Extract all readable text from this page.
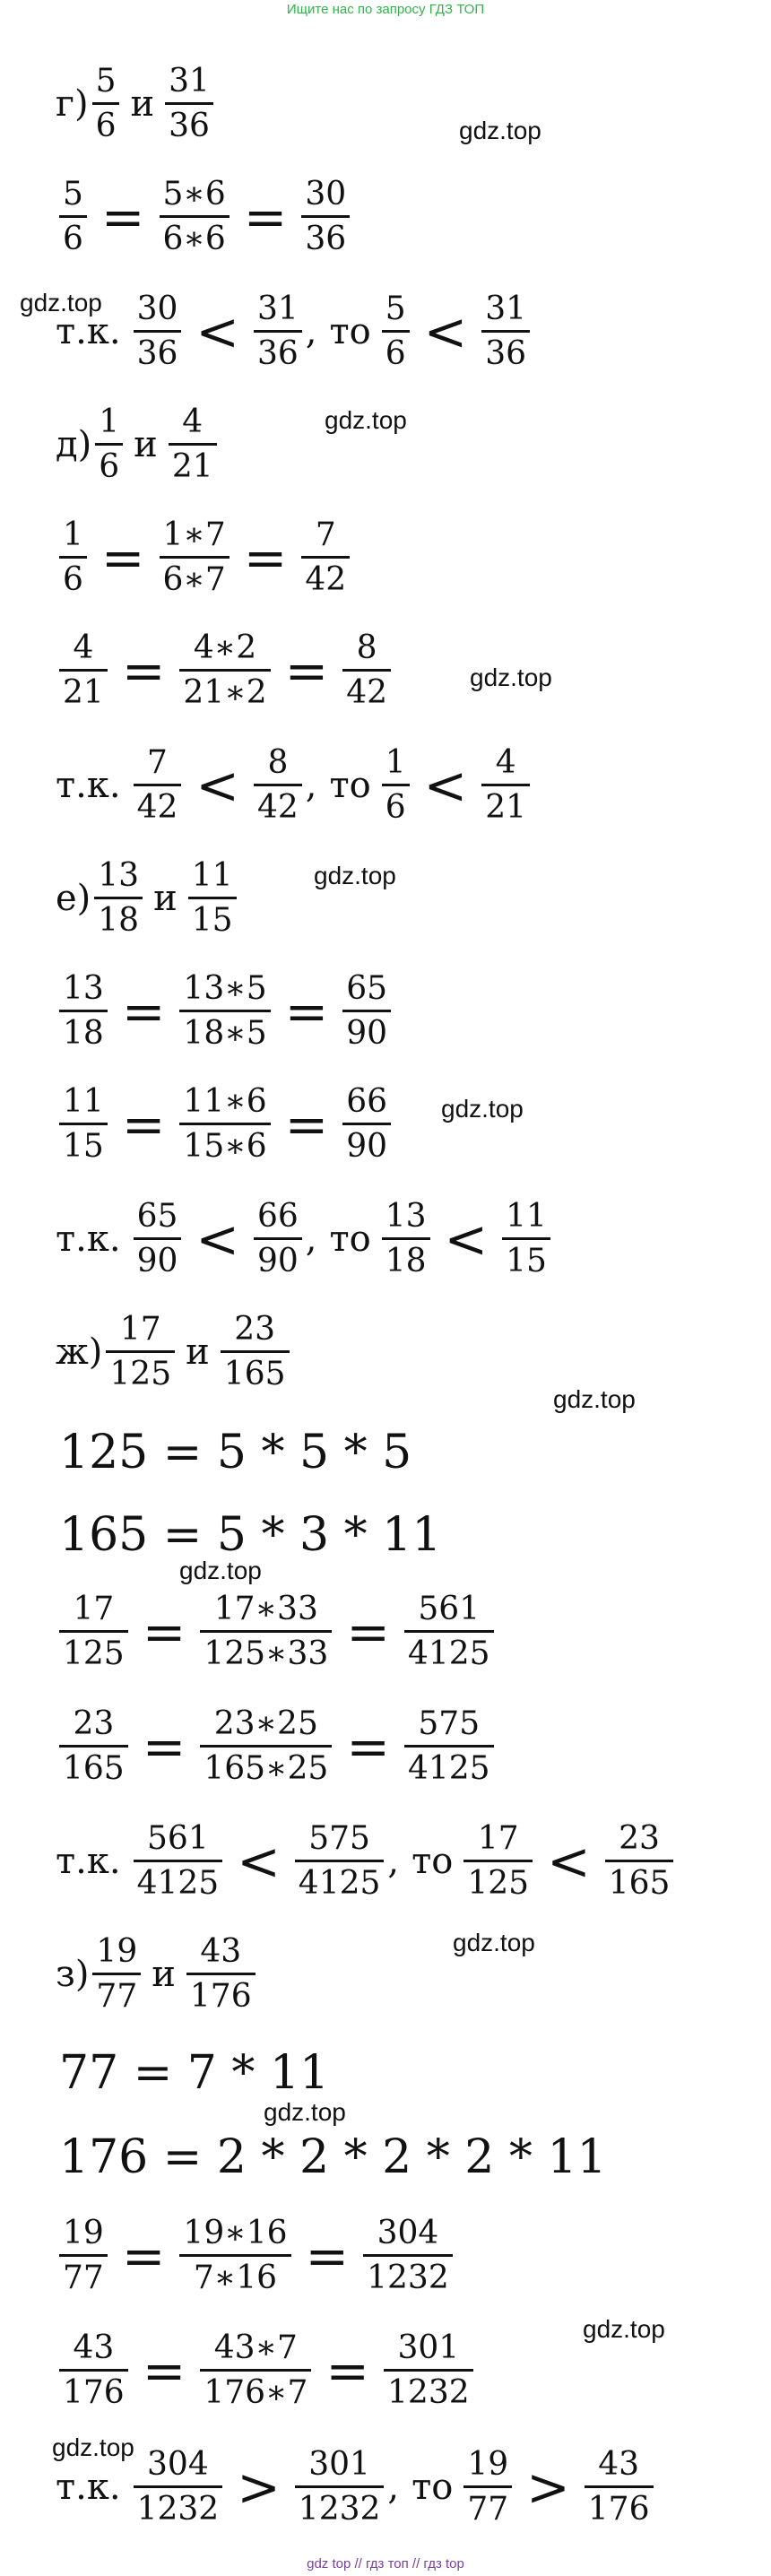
Ищите нас по запросу ГДЗ ТОП
gdz.top
gdz.top
gdz.top
gdz.top
gdz.top
gdz.top
gdz.top
gdz.top
gdz.top
gdz.top
gdz.top
gdz.top
$г) \frac{5}{6}$ и $\frac{31}{36}$
$\frac{5}{6} = \frac{5∗6}{6∗6} = \frac{30}{36}$
т.к. $\frac{30}{36} < \frac{31}{36}$ , то $\frac{5}{6} < \frac{31}{36}$
$д) \frac{1}{6}$ и $\frac{4}{21}$
$\frac{1}{6} = \frac{1∗7}{6∗7} = \frac{7}{42}$
$\frac{4}{21} = \frac{4∗2}{21∗2} = \frac{8}{42}$
т.к. $\frac{7}{42} < \frac{8}{42}$ , то $\frac{1}{6} < \frac{4}{21}$
$е) \frac{13}{18}$ и $\frac{11}{15}$
$\frac{13}{18} = \frac{13∗5}{18∗5} = \frac{65}{90}$
$\frac{11}{15} = \frac{11∗6}{15∗6} = \frac{66}{90}$
т.к. $\frac{65}{90} < \frac{66}{90}$ , то $\frac{13}{18} < \frac{11}{15}$
$ж) \frac{17}{125}$ и $\frac{23}{165}$
125 = 5 * 5 * 5
165 = 5 * 3 * 11
$\frac{17}{125} = \frac{17∗33}{125∗33} = \frac{561}{4125}$
$\frac{23}{165} = \frac{23∗25}{165∗25} = \frac{575}{4125}$
т.к. $\frac{561}{4125} < \frac{575}{4125}$ , то $\frac{17}{125} < \frac{23}{165}$
$з) \frac{19}{77}$ и $\frac{43}{176}$
77 = 7 * 11
176 = 2 * 2 * 2 * 2 * 11
$\frac{19}{77} = \frac{19∗16}{7∗16} = \frac{304}{1232}$
$\frac{43}{176} = \frac{43∗7}{176∗7} = \frac{301}{1232}$
т.к. $\frac{304}{1232} > \frac{301}{1232}$ , то $\frac{19}{77} > \frac{43}{176}$
gdz top // гдз топ // гдз top
